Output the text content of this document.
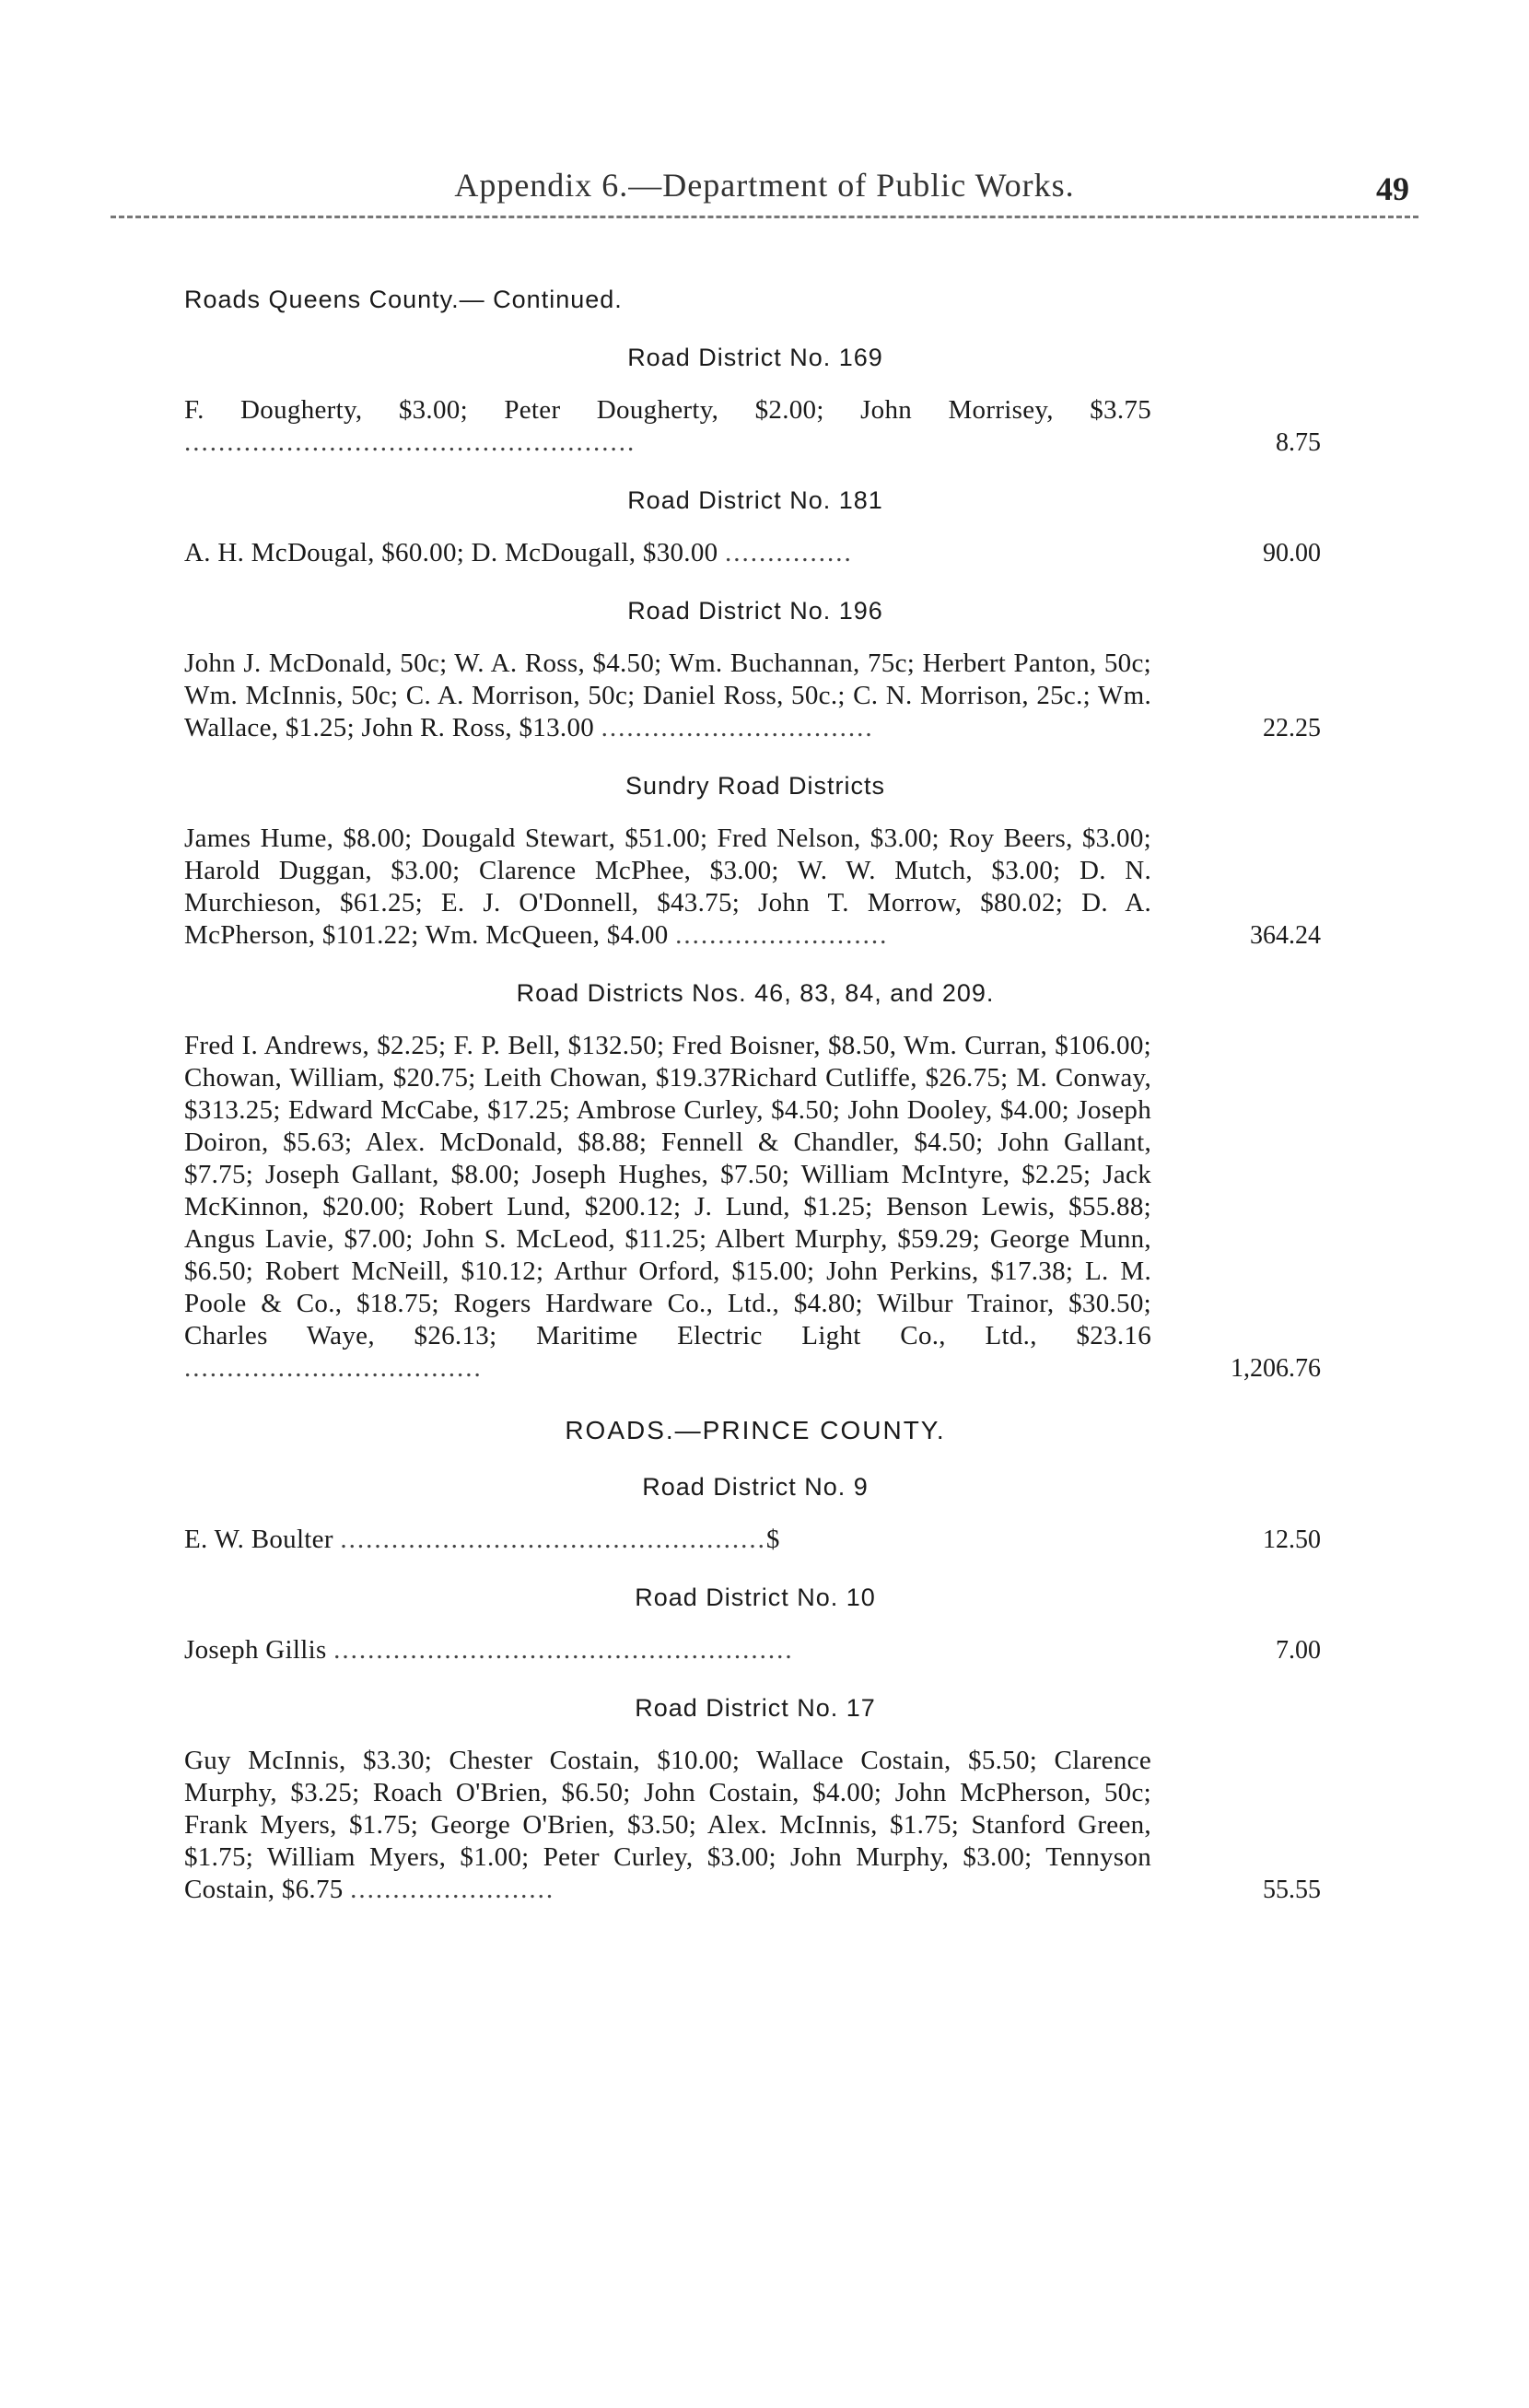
Appendix 6.—Department of Public Works.	49
Roads Queens County.— Continued.
Road District No. 169
F. Dougherty, $3.00; Peter Dougherty, $2.00; John Morrisey, $3.75 .....................................................	8.75
Road District No. 181
A. H. McDougal, $60.00; D. McDougall, $30.00 ...............	90.00
Road District No. 196
John J. McDonald, 50c; W. A. Ross, $4.50; Wm. Buchannan, 75c; Herbert Panton, 50c; Wm. McInnis, 50c; C. A. Morrison, 50c; Daniel Ross, 50c.; C. N. Morrison, 25c.; Wm. Wallace, $1.25; John R. Ross, $13.00 ................................	22.25
Sundry Road Districts
James Hume, $8.00; Dougald Stewart, $51.00; Fred Nelson, $3.00; Roy Beers, $3.00; Harold Duggan, $3.00; Clarence McPhee, $3.00; W. W. Mutch, $3.00; D. N. Murchieson, $61.25; E. J. O'Donnell, $43.75; John T. Morrow, $80.02; D. A. McPherson, $101.22; Wm. McQueen, $4.00 .........................	364.24
Road Districts Nos. 46, 83, 84, and 209.
Fred I. Andrews, $2.25; F. P. Bell, $132.50; Fred Boisner, $8.50, Wm. Curran, $106.00; Chowan, William, $20.75; Leith Chowan, $19.37Richard Cutliffe, $26.75; M. Conway, $313.25; Edward McCabe, $17.25; Ambrose Curley, $4.50; John Dooley, $4.00; Joseph Doiron, $5.63; Alex. McDonald, $8.88; Fennell & Chandler, $4.50; John Gallant, $7.75; Joseph Gallant, $8.00; Joseph Hughes, $7.50; William McIntyre, $2.25; Jack McKinnon, $20.00; Robert Lund, $200.12; J. Lund, $1.25; Benson Lewis, $55.88; Angus Lavie, $7.00; John S. McLeod, $11.25; Albert Murphy, $59.29; George Munn, $6.50; Robert McNeill, $10.12; Arthur Orford, $15.00; John Perkins, $17.38; L. M. Poole & Co., $18.75; Rogers Hardware Co., Ltd., $4.80; Wilbur Trainor, $30.50; Charles Waye, $26.13; Maritime Electric Light Co., Ltd., $23.16 ...................................	1,206.76
ROADS.—PRINCE COUNTY.
Road District No. 9
E. W. Boulter ..................................................$	12.50
Road District No. 10
Joseph Gillis ......................................................	7.00
Road District No. 17
Guy McInnis, $3.30; Chester Costain, $10.00; Wallace Costain, $5.50; Clarence Murphy, $3.25; Roach O'Brien, $6.50; John Costain, $4.00; John McPherson, 50c; Frank Myers, $1.75; George O'Brien, $3.50; Alex. McInnis, $1.75; Stanford Green, $1.75; William Myers, $1.00; Peter Curley, $3.00; John Murphy, $3.00; Tennyson Costain, $6.75 ........................	55.55
